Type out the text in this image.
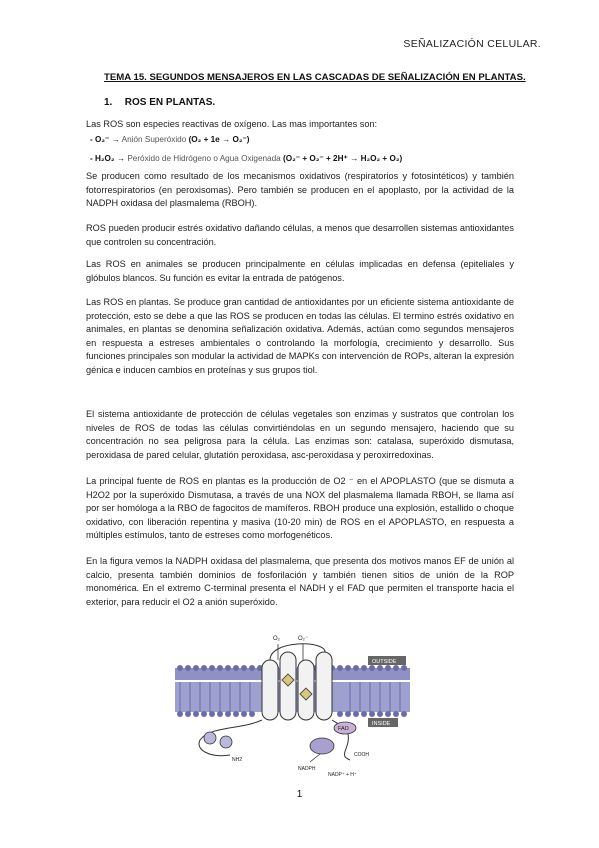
SEÑALIZACIÓN CELULAR.
TEMA 15. SEGUNDOS MENSAJEROS EN LAS CASCADAS DE SEÑALIZACIÓN EN PLANTAS.
1. ROS EN PLANTAS.
Las ROS son especies reactivas de oxígeno. Las mas importantes son:
- O₂⁻ → Anión Superóxido (O₂ + 1e → O₂⁻)
- H₂O₂ → Peróxido de Hidrógeno o Agua Oxigenada (O₂⁻ + O₂⁻ + 2H⁺ → H₂O₂ + O₂)
Se producen como resultado de los mecanismos oxidativos (respiratorios y fotosintéticos) y también fotorrespiratorios (en peroxisomas). Pero también se producen en el apoplasto, por la actividad de la NADPH oxidasa del plasmalema (RBOH).
ROS pueden producir estrés oxidativo dañando células, a menos que desarrollen sistemas antioxidantes que controlen su concentración.
Las ROS en animales se producen principalmente en células implicadas en defensa (epiteliales y glóbulos blancos. Su función es evitar la entrada de patógenos.
Las ROS en plantas. Se produce gran cantidad de antioxidantes por un eficiente sistema antioxidante de protección, esto se debe a que las ROS se producen en todas las células. El termino estrés oxidativo en animales, en plantas se denomina señalización oxidativa. Además, actúan como segundos mensajeros en respuesta a estreses ambientales o controlando la morfología, crecimiento y desarrollo. Sus funciones principales son modular la actividad de MAPKs con intervención de ROPs, alteran la expresión génica e inducen cambios en proteínas y sus grupos tiol.
El sistema antioxidante de protección de células vegetales son enzimas y sustratos que controlan los niveles de ROS de todas las células convirtiéndolas en un segundo mensajero, haciendo que su concentración no sea peligrosa para la célula. Las enzimas son: catalasa, superóxido dismutasa, peroxidasa de pared celular, glutatión peroxidasa, asc-peroxidasa y peroxirredoxinas.
La principal fuente de ROS en plantas es la producción de O2 ⁻ en el APOPLASTO (que se dismuta a H2O2 por la superóxido Dismutasa, a través de una NOX del plasmalema llamada RBOH, se llama así por ser homóloga a la RBO de fagocitos de mamíferos. RBOH produce una explosión, estallido o choque oxidativo, con liberación repentina y masiva (10-20 min) de ROS en el APOPLASTO, en respuesta a múltiples estímulos, tanto de estreses como morfogenéticos.
En la figura vemos la NADPH oxidasa del plasmalema, que presenta dos motivos manos EF de unión al calcio, presenta también dominios de fosforilación y también tienen sitios de unión de la ROP monomérica. En el extremo C-terminal presenta el NADH y el FAD que permiten el transporte hacia el exterior, para reducir el O2 a anión superóxido.
O₂	O₂⁻
OUTSIDE
INSIDE
NH2
FAD
COOH
NADPH
NADP⁺ + H⁺
1
